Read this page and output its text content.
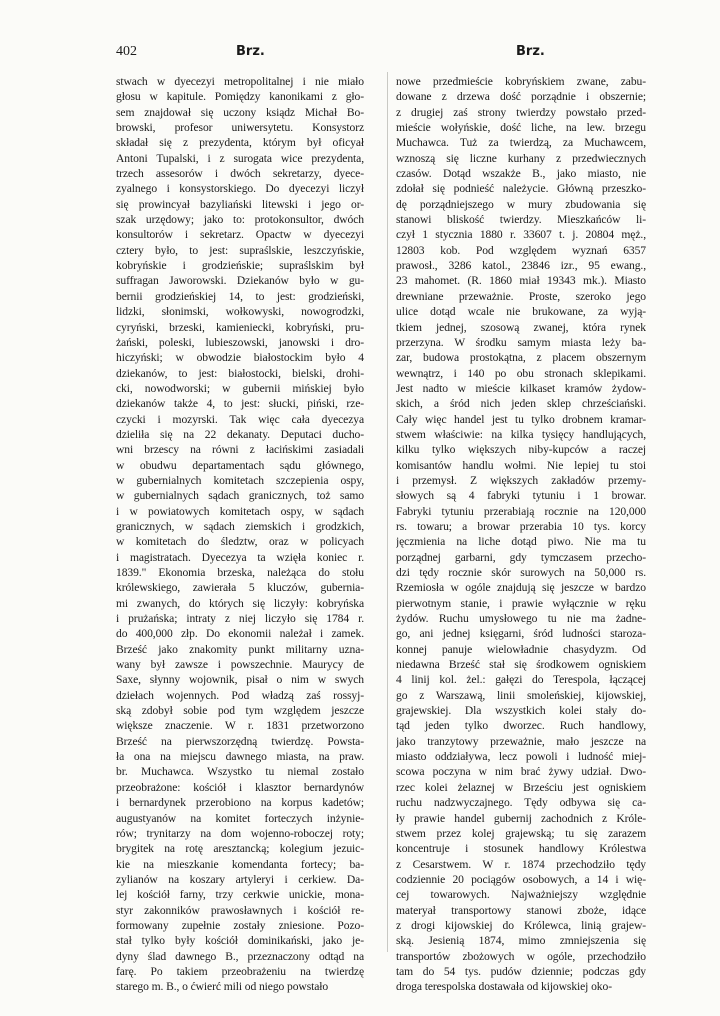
402	Brz.	Brz.
stwach w dyecezyi metropolitalnej i nie miało
głosu w kapitule. Pomiędzy kanonikami z gło-
sem znajdował się uczony ksiądz Michał Bo-
browski, profesor uniwersytetu. Konsystorz
składał się z prezydenta, którym był oficyał
Antoni Tupalski, i z surogata wice prezydenta,
trzech assesorów i dwóch sekretarzy, dyece-
zyalnego i konsystorskiego. Do dyecezyi liczył
się prowincyał bazyliański litewski i jego or-
szak urzędowy; jako to: protokonsultor, dwóch
konsultorów i sekretarz. Opactw w dyecezyi
cztery było, to jest: supraślskie, leszczyńskie,
kobryńskie i grodzieńskie; supraślskim był
suffragan Jaworowski. Dziekanów było w gu-
bernii grodzieńskiej 14, to jest: grodzieński,
lidzki, słonimski, wołkowyski, nowogrodzki,
cyryński, brzeski, kamieniecki, kobryński, pru-
żański, poleski, lubieszowski, janowski i dro-
hiczyński; w obwodzie białostockim było 4
dziekanów, to jest: białostocki, bielski, drohi-
cki, nowodworski; w gubernii mińskiej było
dziekanów także 4, to jest: słucki, piński, rze-
czycki i mozyrski. Tak więc cała dyecezya
dzieliła się na 22 dekanaty. Deputaci ducho-
wni brzescy na równi z łacińskimi zasiadali
w obudwu departamentach sądu głównego,
w gubernialnych komitetach szczepienia ospy,
w gubernialnych sądach granicznych, toż samo
i w powiatowych komitetach ospy, w sądach
granicznych, w sądach ziemskich i grodzkich,
w komitetach do śledztw, oraz w policyach
i magistratach. Dyecezya ta wzięła koniec r.
1839." Ekonomia brzeska, należąca do stołu
królewskiego, zawierała 5 kluczów, gubernia-
mi zwanych, do których się liczyły: kobryńska
i prużańska; intraty z niej liczyło się 1784 r.
do 400,000 złp. Do ekonomii należał i zamek.
Brześć jako znakomity punkt militarny uzna-
wany był zawsze i powszechnie. Maurycy de
Saxe, słynny wojownik, pisał o nim w swych
dziełach wojennych. Pod władzą zaś rossyj-
ską zdobył sobie pod tym względem jeszcze
większe znaczenie. W r. 1831 przetworzono
Brześć na pierwszorzędną twierdzę. Powsta-
ła ona na miejscu dawnego miasta, na praw.
br. Muchawca. Wszystko tu niemal zostało
przeobrażone: kościół i klasztor bernardynów
i bernardynek przerobiono na korpus kadetów;
augustyanów na komitet forteczych inżynie-
rów; trynitarzy na dom wojenno-roboczej roty;
brygitek na rotę aresztancką; kolegium jezuic-
kie na mieszkanie komendanta fortecy; ba-
zylianów na koszary artyleryi i cerkiew. Da-
lej kościół farny, trzy cerkwie unickie, mona-
styr zakonników prawosławnych i kościół re-
formowany zupełnie zostały zniesione. Pozo-
stał tylko były kościół dominikański, jako je-
dyny ślad dawnego B., przeznaczony odtąd na
farę. Po takiem przeobrażeniu na twierdzę
starego m. B., o ćwierć mili od niego powstało
nowe przedmieście kobryńskiem zwane, zabu-
dowane z drzewa dość porządnie i obszernie;
z drugiej zaś strony twierdzy powstało przed-
mieście wołyńskie, dość liche, na lew. brzegu
Muchawca. Tuż za twierdzą, za Muchawcem,
wznoszą się liczne kurhany z przedwiecznych
czasów. Dotąd wszakże B., jako miasto, nie
zdołał się podnieść należycie. Główną przeszko-
dę porządniejszego w mury zbudowania się
stanowi bliskość twierdzy. Mieszkańców li-
czył 1 stycznia 1880 r. 33607 t. j. 20804 męż.,
12803 kob. Pod względem wyznań 6357
prawosł., 3286 katol., 23846 izr., 95 ewang.,
23 mahomet. (R. 1860 miał 19343 mk.). Miasto
drewniane przeważnie. Proste, szeroko jego
ulice dotąd wcale nie brukowane, za wyją-
tkiem jednej, szosową zwanej, która rynek
przerzyna. W środku samym miasta leży ba-
zar, budowa prostokątna, z placem obszernym
wewnątrz, i 140 po obu stronach sklepikami.
Jest nadto w mieście kilkaset kramów żydow-
skich, a śród nich jeden sklep chrześciański.
Cały więc handel jest tu tylko drobnem kramar-
stwem właściwie: na kilka tysięcy handlujących,
kilku tylko większych niby-kupców a raczej
komisantów handlu wołmi. Nie lepiej tu stoi
i przemysł. Z większych zakładów przemy-
słowych są 4 fabryki tytuniu i 1 browar.
Fabryki tytuniu przerabiają rocznie na 120,000
rs. towaru; a browar przerabia 10 tys. korcy
jęczmienia na liche dotąd piwo. Nie ma tu
porządnej garbarni, gdy tymczasem przecho-
dzi tędy rocznie skór surowych na 50,000 rs.
Rzemiosła w ogóle znajdują się jeszcze w bardzo
pierwotnym stanie, i prawie wyłącznie w ręku
żydów. Ruchu umysłowego tu nie ma żadne-
go, ani jednej księgarni, śród ludności staroza-
konnej panuje wielowładnie chasydyzm. Od
niedawna Brześć stał się środkowem ogniskiem
4 linij kol. żel.: gałęzi do Terespola, łączącej
go z Warszawą, linii smoleńskiej, kijowskiej,
grajewskiej. Dla wszystkich kolei stały do-
tąd jeden tylko dworzec. Ruch handlowy,
jako tranzytowy przeważnie, mało jeszcze na
miasto oddziaływa, lecz powoli i ludność miej-
scowa poczyna w nim brać żywy udział. Dwo-
rzec kolei żelaznej w Brześciu jest ogniskiem
ruchu nadzwyczajnego. Tędy odbywa się ca-
ły prawie handel gubernij zachodnich z Króle-
stwem przez kolej grajewską; tu się zarazem
koncentruje i stosunek handlowy Królestwa
z Cesarstwem. W r. 1874 przechodziło tędy
codziennie 20 pociągów osobowych, a 14 i wię-
cej towarowych. Najważniejszy względnie
materyał transportowy stanowi zboże, idące
z drogi kijowskiej do Królewca, linią grajew-
ską. Jesienią 1874, mimo zmniejszenia się
transportów zbożowych w ogóle, przechodziło
tam do 54 tys. pudów dziennie; podczas gdy
droga terespolska dostawała od kijowskiej oko-
